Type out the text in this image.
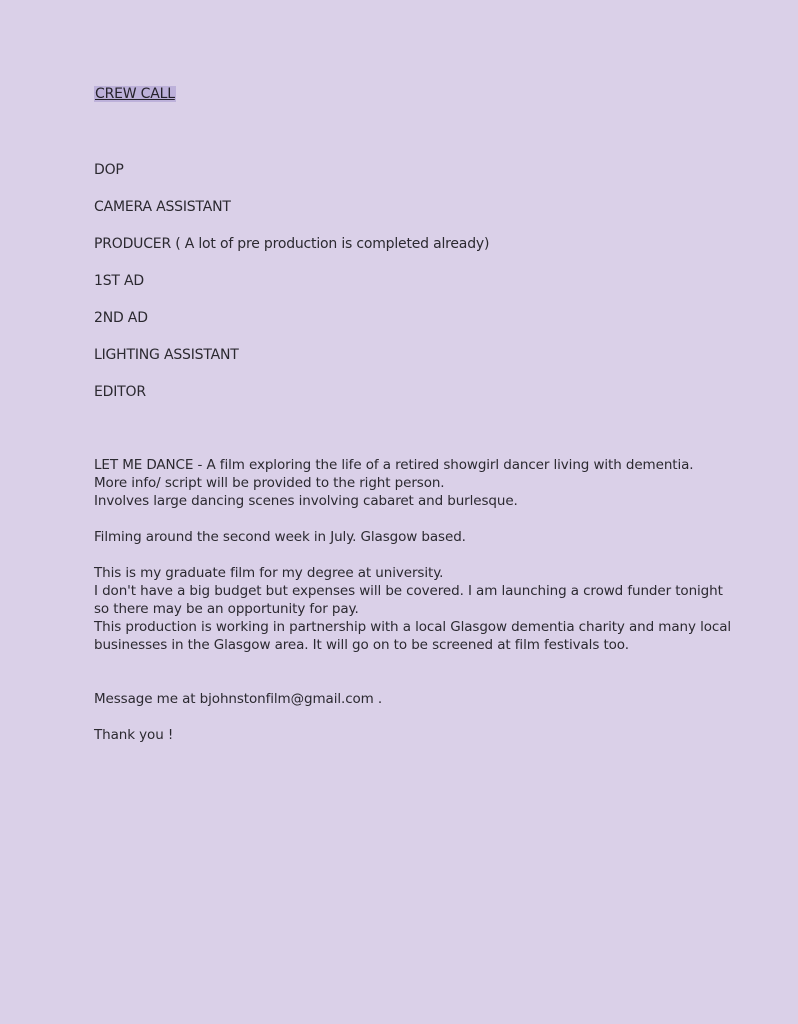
CREW CALL
DOP
CAMERA ASSISTANT
PRODUCER ( A lot of pre production is completed already)
1ST AD
2ND AD
LIGHTING ASSISTANT
EDITOR

LET ME DANCE - A film exploring the life of a retired showgirl dancer living with dementia.

More info/ script will be provided to the right person.

Involves large dancing scenes involving cabaret and burlesque.

Filming around the second week in July. Glasgow based.

This is my graduate film for my degree at university.

I don't have a big budget but expenses will be covered. I am launching a crowd funder tonight so there may be an opportunity for pay.

This production is working in partnership with a local Glasgow dementia charity and many local businesses in the Glasgow area. It will go on to be screened at film festivals too.

Message me at bjohnstonfilm@gmail.com .

Thank you !
